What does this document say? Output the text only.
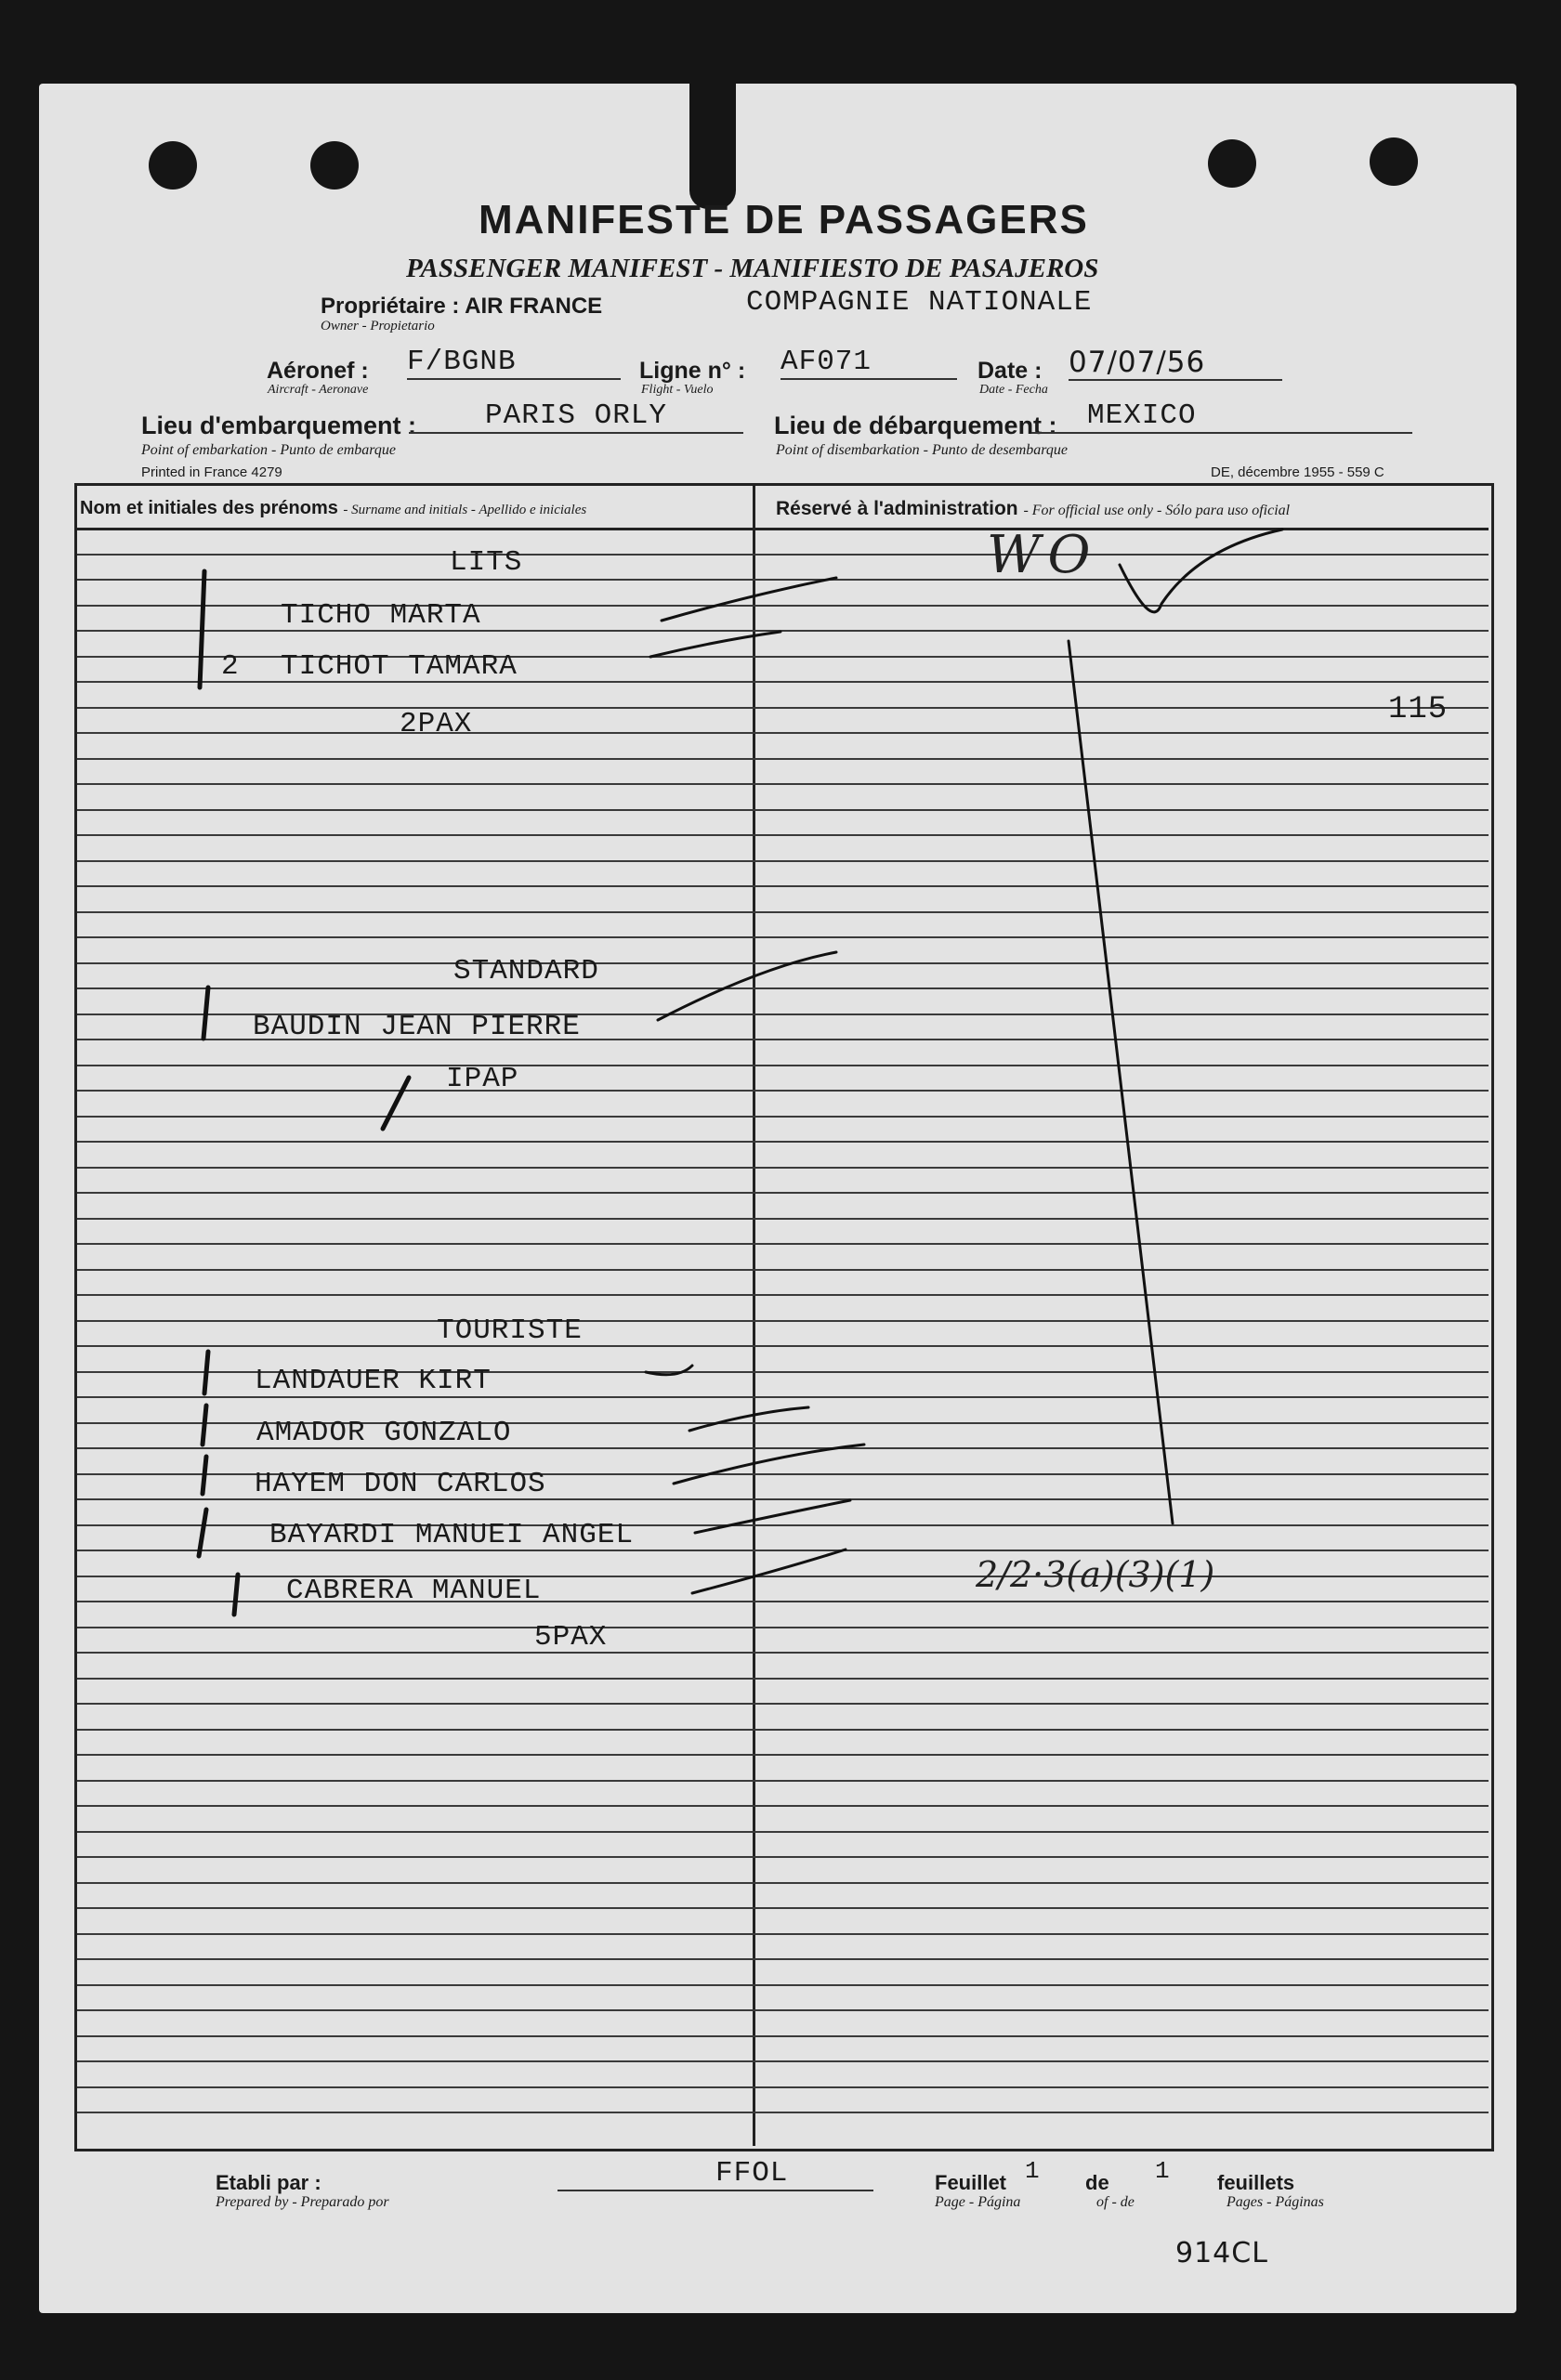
MANIFESTE DE PASSAGERS
PASSENGER MANIFEST - MANIFIESTO DE PASAJEROS
Propriétaire : AIR FRANCE	COMPAGNIE NATIONALE
Owner - Propietario
Aéronef : F/BGNB
Aircraft - Aeronave
Ligne n° : AF071
Flight - Vuelo
Date : 07/07/56
Date - Fecha
Lieu d'embarquement :	PARIS ORLY
Point of embarkation - Punto de embarque
Lieu de débarquement :	MEXICO
Point of disembarkation - Punto de desembarque
Printed in France 4279	DE, décembre 1955 - 559 C
Nom et initiales des prénoms - Surname and initials - Apellido e iniciales	Réservé à l'administration - For official use only - Sólo para uso oficial
LITS
TICHO MARTA
2 TICHOT TAMARA
2PAX	115
STANDARD
BAUDIN JEAN PIERRE
IPAP
TOURISTE
LANDAUER KIRT
AMADOR GONZALO
HAYEM DON CARLOS
BAYARDI MANUEI ANGEL
CABRERA MANUEL
5PAX
WO
2/2·3(a)(3)(1)
Etabli par :
Prepared by - Preparado por
FFOL	Feuillet 1 de 1 feuillets
Page - Página	of - de	Pages - Páginas
914CL
